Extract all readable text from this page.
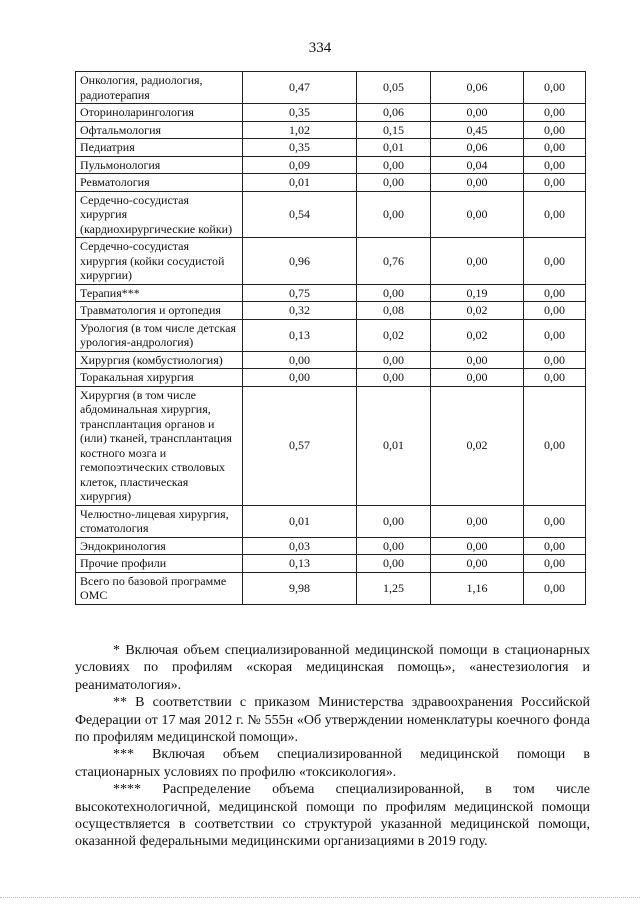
334
Онкология, радиология, радиотерапия	0,47	0,05	0,06	0,00
Оториноларингология	0,35	0,06	0,00	0,00
Офтальмология	1,02	0,15	0,45	0,00
Педиатрия	0,35	0,01	0,06	0,00
Пульмонология	0,09	0,00	0,04	0,00
Ревматология	0,01	0,00	0,00	0,00
Сердечно-сосудистая хирургия (кардиохирургические койки)	0,54	0,00	0,00	0,00
Сердечно-сосудистая хирургия (койки сосудистой хирургии)	0,96	0,76	0,00	0,00
Терапия***	0,75	0,00	0,19	0,00
Травматология и ортопедия	0,32	0,08	0,02	0,00
Урология (в том числе детская урология-андрология)	0,13	0,02	0,02	0,00
Хирургия (комбустиология)	0,00	0,00	0,00	0,00
Торакальная хирургия	0,00	0,00	0,00	0,00
Хирургия (в том числе абдоминальная хирургия, трансплантация органов и (или) тканей, трансплантация костного мозга и гемопоэтических стволовых клеток, пластическая хирургия)	0,57	0,01	0,02	0,00
Челюстно-лицевая хирургия, стоматология	0,01	0,00	0,00	0,00
Эндокринология	0,03	0,00	0,00	0,00
Прочие профили	0,13	0,00	0,00	0,00
Всего по базовой программе ОМС	9,98	1,25	1,16	0,00

* Включая объем специализированной медицинской помощи в стационарных условиях по профилям «скорая медицинская помощь», «анестезиология и реаниматология».

** В соответствии с приказом Министерства здравоохранения Российской Федерации от 17 мая 2012 г. № 555н «Об утверждении номенклатуры коечного фонда по профилям медицинской помощи».

*** Включая объем специализированной медицинской помощи в стационарных условиях по профилю «токсикология».

**** Распределение объема специализированной, в том числе высокотехнологичной, медицинской помощи по профилям медицинской помощи осуществляется в соответствии со структурой указанной медицинской помощи, оказанной федеральными медицинскими организациями в 2019 году.
